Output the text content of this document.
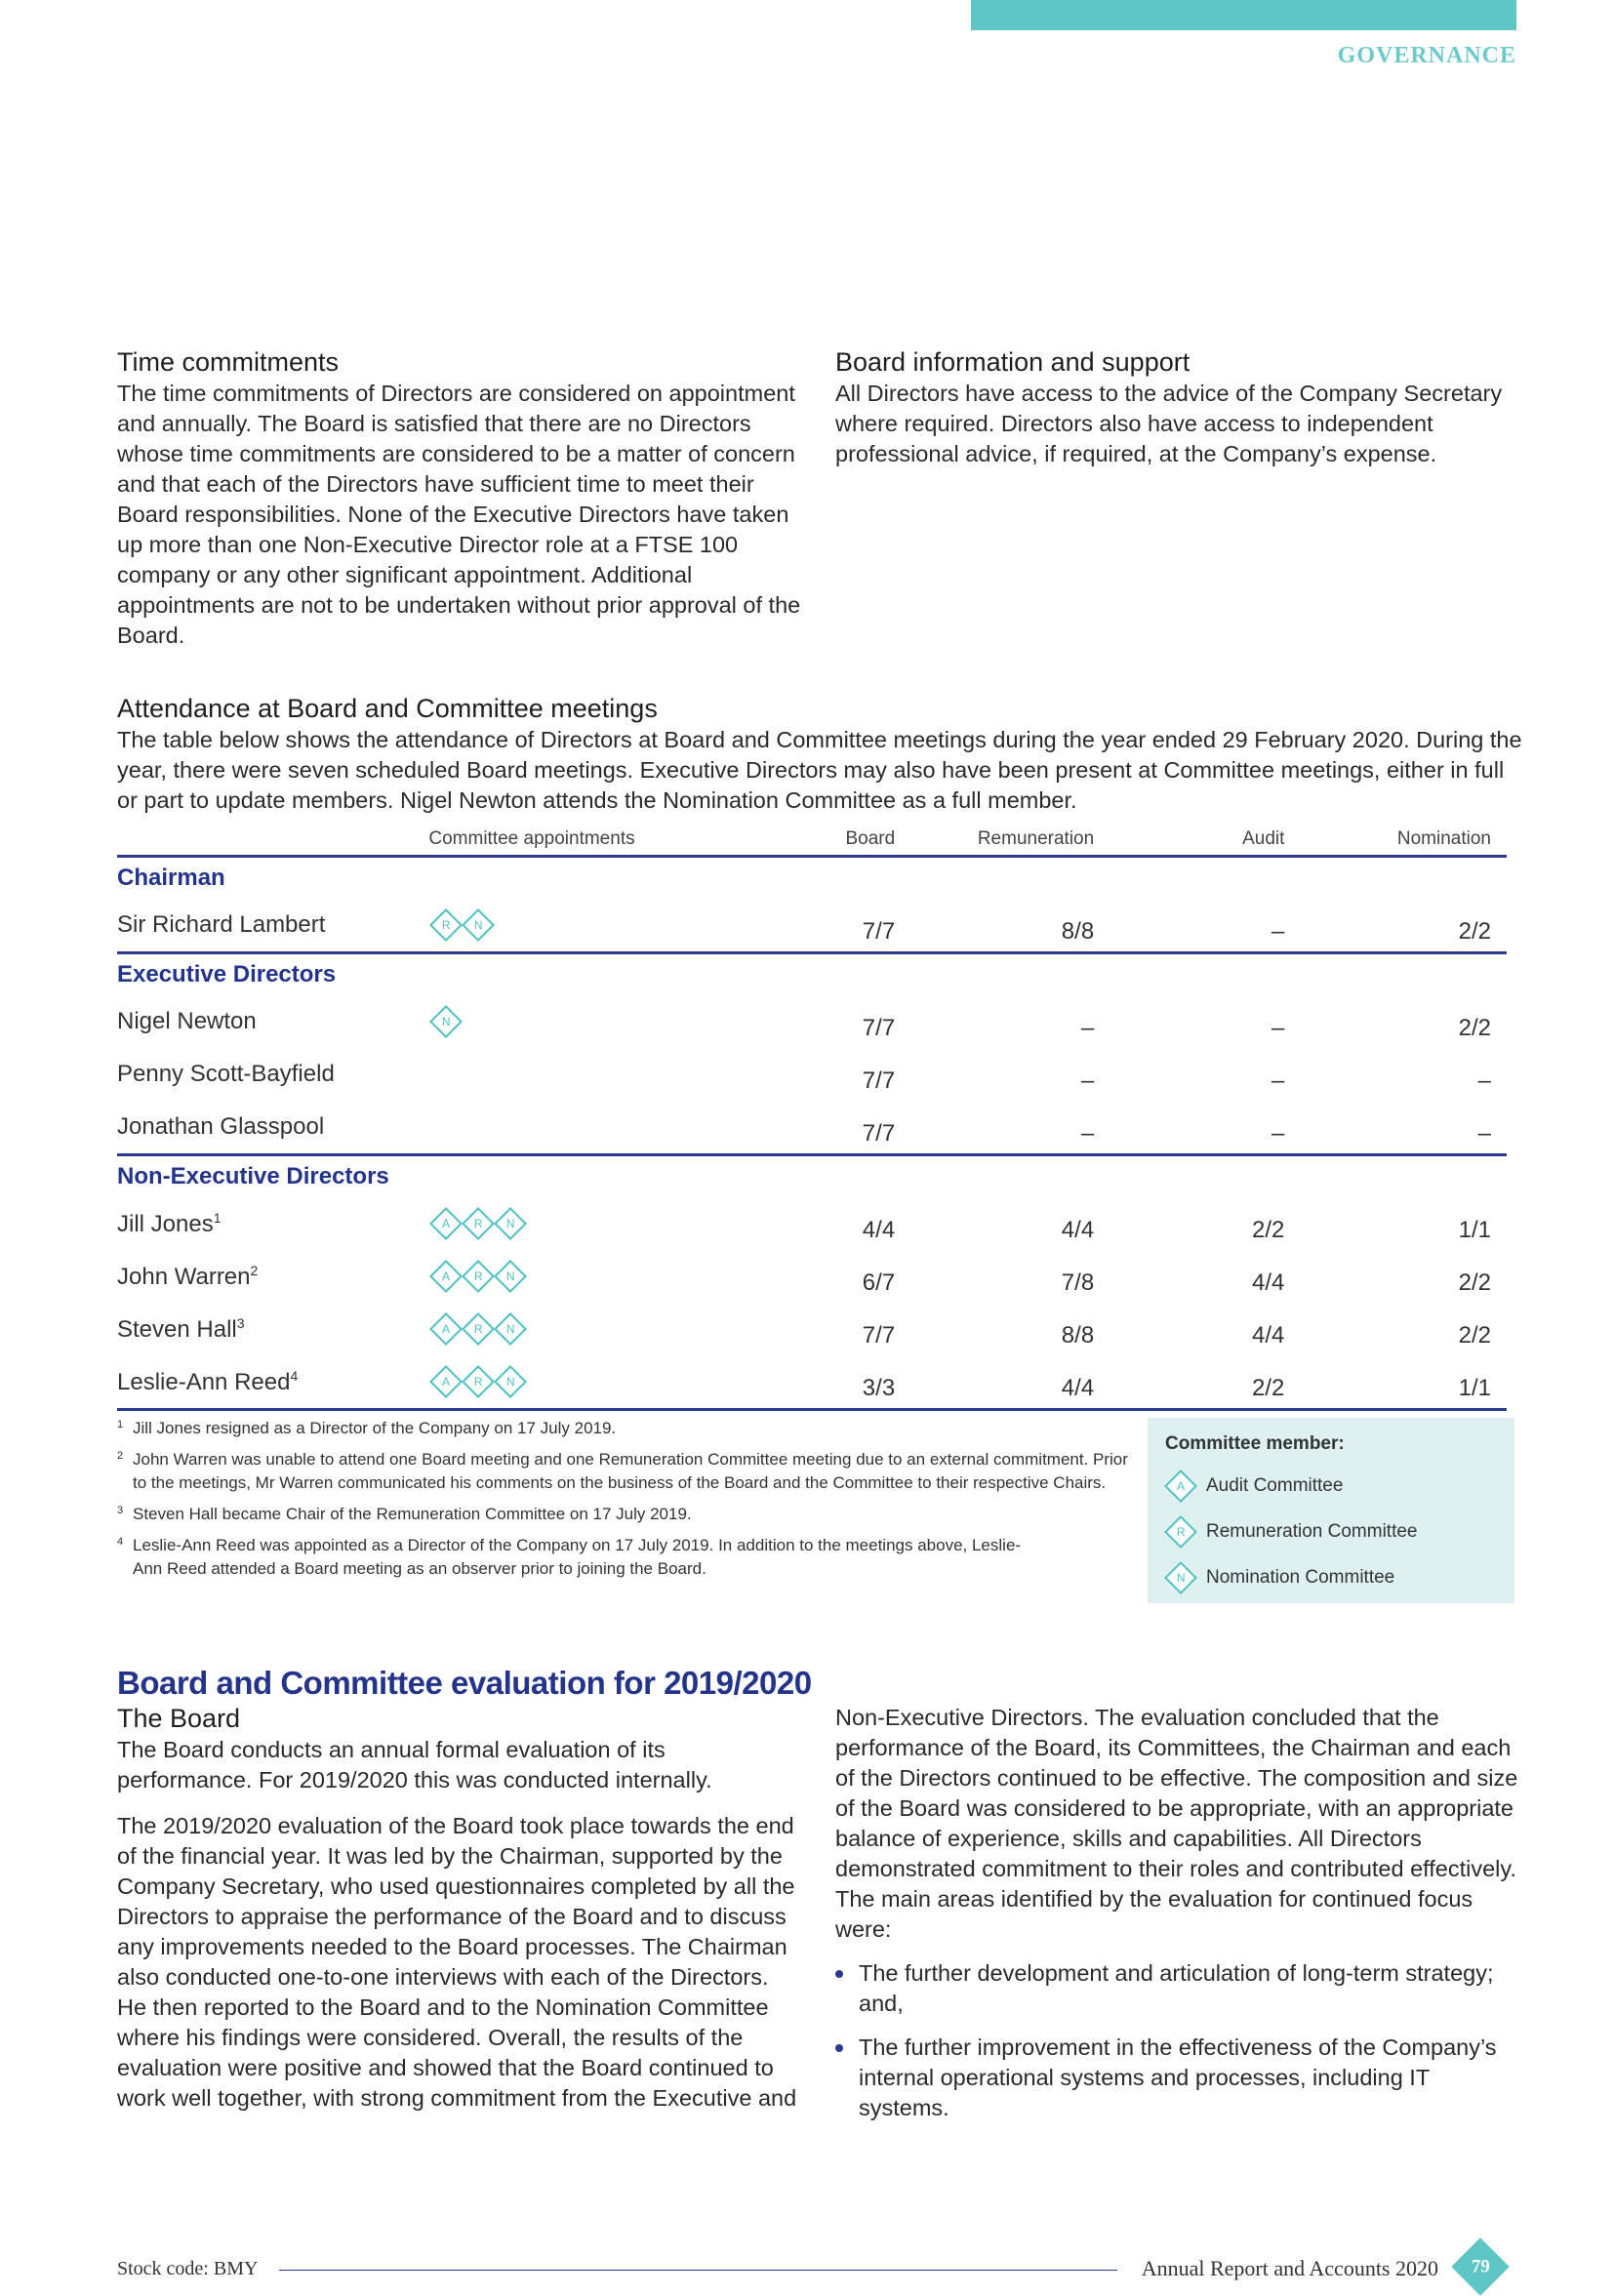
GOVERNANCE
Time commitments

The time commitments of Directors are considered on appointment and annually. The Board is satisfied that there are no Directors whose time commitments are considered to be a matter of concern and that each of the Directors have sufficient time to meet their Board responsibilities. None of the Executive Directors have taken up more than one Non-Executive Director role at a FTSE 100 company or any other significant appointment. Additional appointments are not to be undertaken without prior approval of the Board.

Board information and support

All Directors have access to the advice of the Company Secretary where required. Directors also have access to independent professional advice, if required, at the Company’s expense.

Attendance at Board and Committee meetings

The table below shows the attendance of Directors at Board and Committee meetings during the year ended 29 February 2020. During the year, there were seven scheduled Board meetings. Executive Directors may also have been present at Committee meetings, either in full or part to update members. Nigel Newton attends the Nomination Committee as a full member.

	Committee appointments	Board	Remuneration	Audit	Nomination
Chairman					
Sir Richard Lambert	R N	7/7	8/8	–	2/2
Executive Directors					
Nigel Newton	N	7/7	–	–	2/2
Penny Scott-Bayfield		7/7	–	–	–
Jonathan Glasspool		7/7	–	–	–
Non-Executive Directors					
Jill Jones$^1$	A R N	4/4	4/4	2/2	1/1
John Warren$^2$	A R N	6/7	7/8	4/4	2/2
Steven Hall$^3$	A R N	7/7	8/8	4/4	2/2
Leslie-Ann Reed$^4$	A R N	3/3	4/4	2/2	1/1
1 Jill Jones resigned as a Director of the Company on 17 July 2019.
2 John Warren was unable to attend one Board meeting and one Remuneration Committee meeting due to an external commitment. Prior to the meetings, Mr Warren communicated his comments on the business of the Board and the Committee to their respective Chairs.
3 Steven Hall became Chair of the Remuneration Committee on 17 July 2019.
4 Leslie-Ann Reed was appointed as a Director of the Company on 17 July 2019. In addition to the meetings above, Leslie-Ann Reed attended a Board meeting as an observer prior to joining the Board.
Committee member:
A Audit Committee
R Remuneration Committee
N Nomination Committee
Board and Committee evaluation for 2019/2020
The Board

The Board conducts an annual formal evaluation of its performance. For 2019/2020 this was conducted internally.

The 2019/2020 evaluation of the Board took place towards the end of the financial year. It was led by the Chairman, supported by the Company Secretary, who used questionnaires completed by all the Directors to appraise the performance of the Board and to discuss any improvements needed to the Board processes. The Chairman also conducted one-to-one interviews with each of the Directors. He then reported to the Board and to the Nomination Committee where his findings were considered. Overall, the results of the evaluation were positive and showed that the Board continued to work well together, with strong commitment from the Executive and

Non-Executive Directors. The evaluation concluded that the performance of the Board, its Committees, the Chairman and each of the Directors continued to be effective. The composition and size of the Board was considered to be appropriate, with an appropriate balance of experience, skills and capabilities. All Directors demonstrated commitment to their roles and contributed effectively. The main areas identified by the evaluation for continued focus were:

The further development and articulation of long-term strategy; and,
The further improvement in the effectiveness of the Company’s internal operational systems and processes, including IT systems.
Stock code: BMY	Annual Report and Accounts 2020 79
